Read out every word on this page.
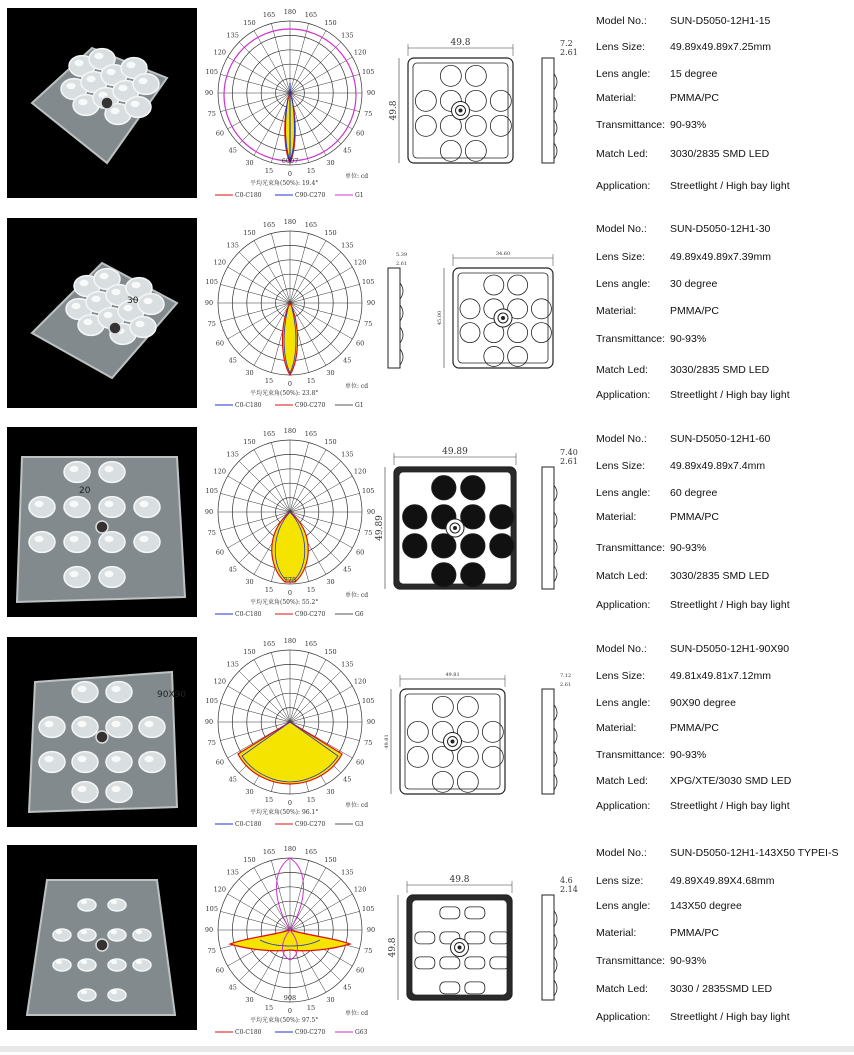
0
15	15
30	30
45	45
60	60
75	75
90	90
105	105
120	120
135	135
150	150
165	165
180
6007
单位: cd
平均光束角(50%): 19.4°
C0-C180	C90-C270	G1
49.8
49.8
7.2
2.61
Model No.: SUN-D5050-12H1-15
Lens Size: 49.89x49.89x7.25mm
Lens angle: 15 degree
Material:	PMMA/PC
Transmittance: 90-93%
Match Led: 3030/2835 SMD LED
Application: Streetlight / High bay light
30
0
15	15
30	30
45	45
60	60
75	75
90	90
105	105
120	120
135	135
150	150
165	165
180
单位: cd
平均光束角(50%): 23.8°
C0-C180	C90-C270	G1
34.60
45.00
5.39
2.61
Model No.: SUN-D5050-12H1-30
Lens Size: 49.89x49.89x7.39mm
Lens angle: 30 degree
Material:	PMMA/PC
Transmittance: 90-93%
Match Led: 3030/2835 SMD LED
Application: Streetlight / High bay light
20
0
15	15
30	30
45	45
60	60
75	75
90	90
105	105
120	120
135	135
150	150
165	165
180
775
单位: cd
平均光束角(50%): 55.2°
C0-C180	C90-C270	G6
49.89
49.89
7.40
2.61
Model No.: SUN-D5050-12H1-60
Lens Size: 49.89x49.89x7.4mm
Lens angle: 60 degree
Material:	PMMA/PC
Transmittance: 90-93%
Match Led: 3030/2835 SMD LED
Application: Streetlight / High bay light
90X90
0
15	15
30	30
45	45
60	60
75	75
90	90
105	105
120	120
135	135
150	150
165	165
180
单位: cd
平均光束角(50%): 96.1°
C0-C180	C90-C270	G3
49.81
49.81
7.12
2.61
Model No.: SUN-D5050-12H1-90X90
Lens Size: 49.81x49.81x7.12mm
Lens angle: 90X90 degree
Material:	PMMA/PC
Transmittance: 90-93%
Match Led: XPG/XTE/3030 SMD LED
Application: Streetlight / High bay light
0
15	15
30	30
45	45
60	60
75	75
90	90
105	105
120	120
135	135
150	150
165	165
180
908
单位: cd
平均光束角(50%): 97.5°
C0-C180	C90-C270	G63
49.8
49.8
4.6
2.14
Model No.: SUN-D5050-12H1-143X50 TYPEI-S
Lens size:	49.89X49.89X4.68mm
Lens angle: 143X50 degree
Material:	PMMA/PC
Transmittance: 90-93%
Match Led: 3030 / 2835SMD LED
Application: Streetlight / High bay light
